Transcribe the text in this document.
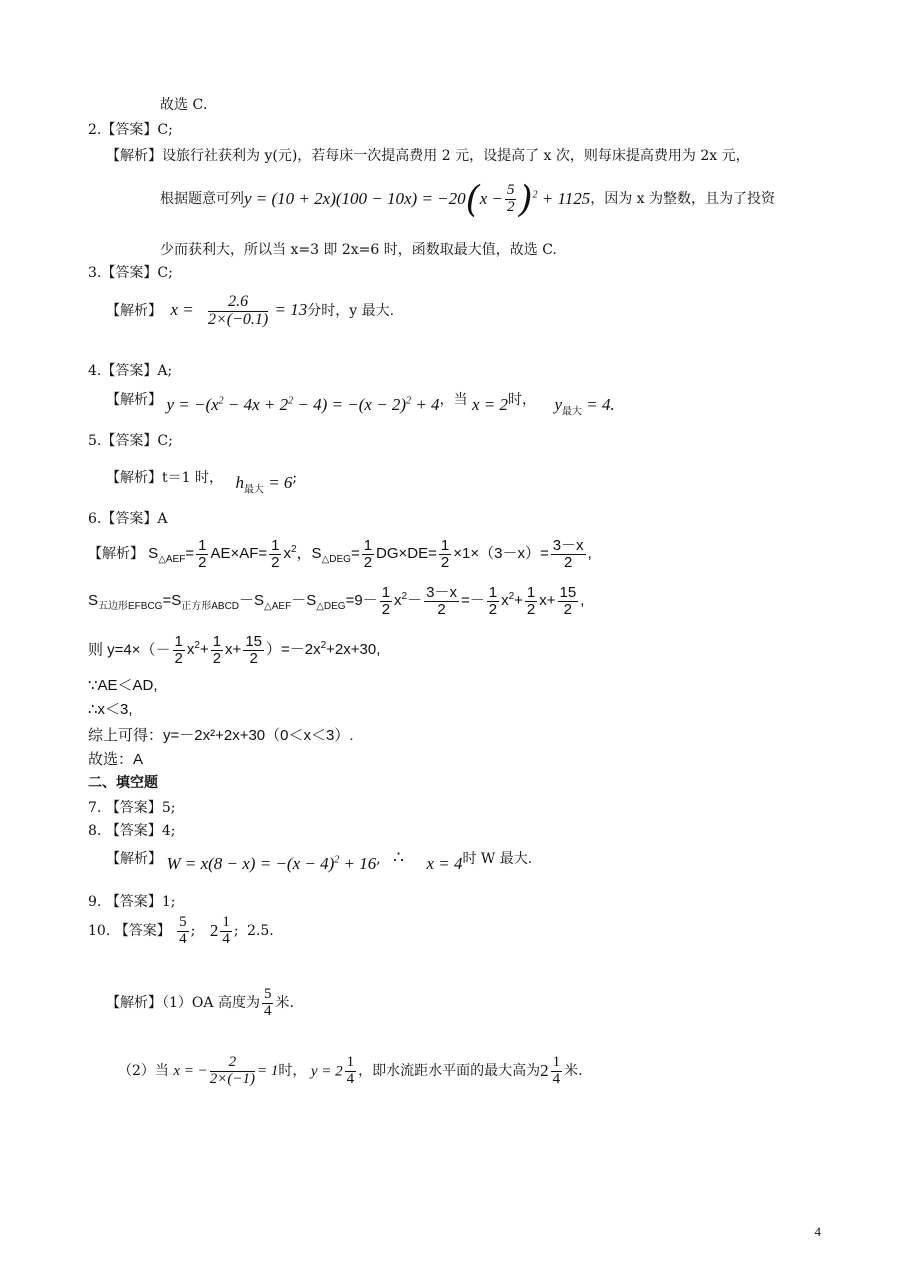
故选 C．
2.【答案】C;
【解析】设旅行社获利为 y(元)，若每床一次提高费用 2 元，设提高了 x 次，则每床提高费用为 2x 元，
根据题意可列$y = (10 + 2x)(100 - 10x) = -20(x - \frac{5}{2} )^2 + 1125$，因为 x 为整数，且为了投资
少而获利大，所以当 x=3 即 2x=6 时，函数取最大值，故选 C.
3.【答案】C;
【解析】 $x = \frac{2.6}{2\times(-0.1)} = 13$分时，y 最大.
4.【答案】A;
【解析】 $y = -(x^2 - 4x + 2^2 - 4) = -(x - 2)^2 + 4$，当 x = 2时， $y_{最大} = 4$.
5.【答案】C;
【解析】t＝1 时， $h_{最大} = 6$;
6.【答案】A
【解析】 $S_{\triangle AEF}= \frac{1}{2} AE\times AF= \frac{1}{2} x^2$，$S_{\triangle DEG}= \frac{1}{2} DG\times DE= \frac{1}{2} \times 1\times(3-x)= \frac{3-x}{2}$ ,
$S_{五边形EFBCG}=S_{正方形ABCD}-S_{\triangle AEF}-S_{\triangle DEG}=9- \frac{1}{2} x^2- \frac{3-x}{2} =- \frac{1}{2} x^2+ \frac{1}{2} x+ \frac{15}{2}$ ,
则 $y=4\times(- \frac{1}{2} x^2+ \frac{1}{2} x+ \frac{15}{2} )=-2x^2+2x+30$,
∵AE＜AD,
∴x＜3,
综上可得：y=－2x²+2x+30（0＜x＜3）.
故选：A
二、填空题
7. 【答案】5;
8. 【答案】4;
【解析】 $W = x(8 - x) = -(x - 4)^2 + 16$, ∴ x = 4时 W 最大.
9. 【答案】1;
10. 【答案】 $\frac{5}{4}$ ; $2 \frac{1}{4}$ ; 2.5.
【解析】（1）OA 高度为 $\frac{5}{4}$ 米.
（2）当 x = − $\frac{2}{2\times(-1)} = 1$时， $y = 2 \frac{1}{4}$ ，即水流距水平面的最大高为$2 \frac{1}{4}$ 米.
4
